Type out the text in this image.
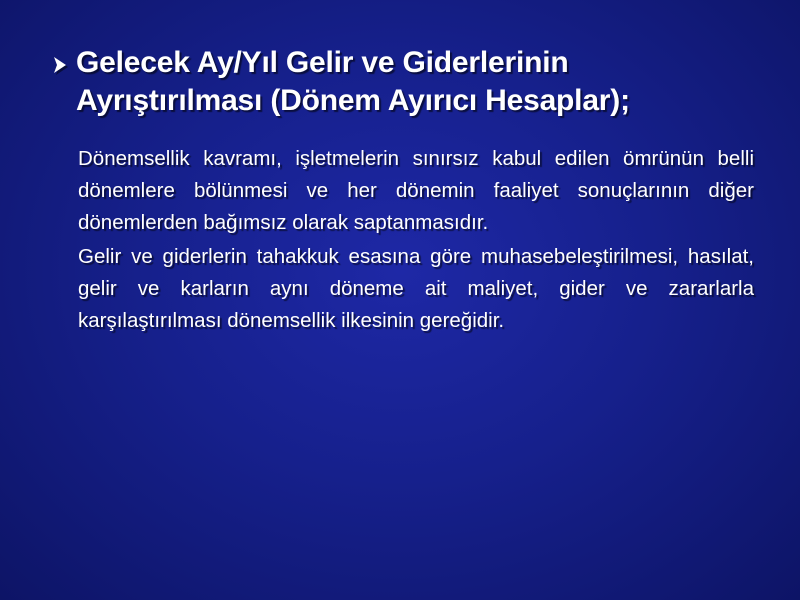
Gelecek Ay/Yıl Gelir ve Giderlerinin
Ayrıştırılması (Dönem Ayırıcı Hesaplar);

Dönemsellik kavramı, işletmelerin sınırsız kabul edilen ömrünün belli dönemlere bölünmesi ve her dönemin faaliyet sonuçlarının diğer dönemlerden bağımsız olarak saptanmasıdır.

Gelir ve giderlerin tahakkuk esasına göre muhasebeleştirilmesi, hasılat, gelir ve karların aynı döneme ait maliyet, gider ve zararlarla karşılaştırılması dönemsellik ilkesinin gereğidir.
